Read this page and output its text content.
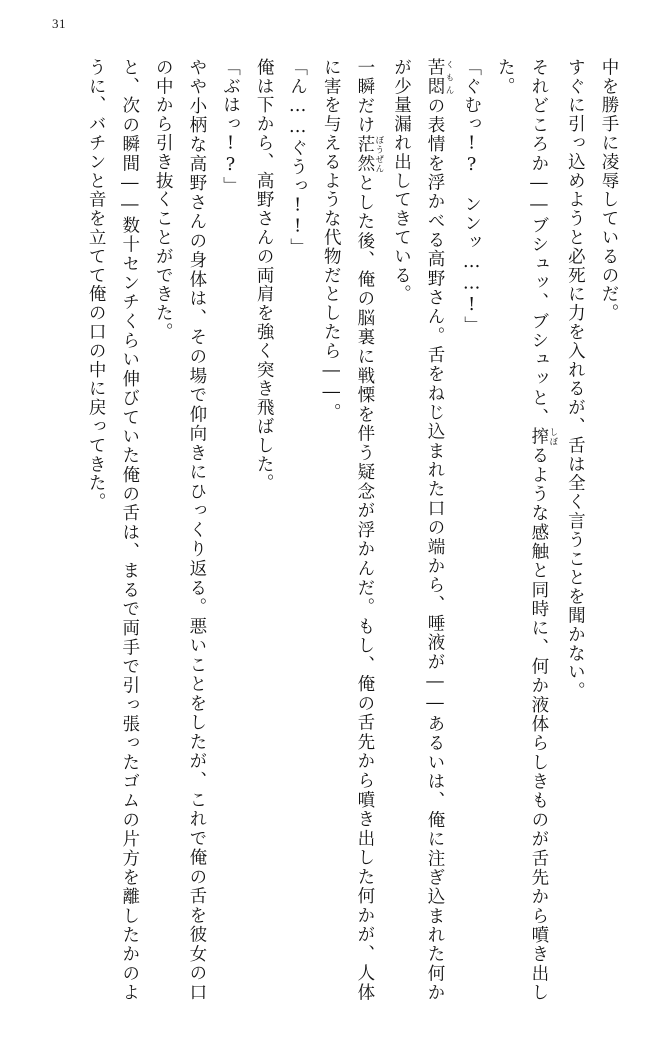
31

中を勝手に凌辱しているのだ。

すぐに引っ込めようと必死に力を入れるが、舌は全く言うことを聞かない。

それどころか――ブシュッ、ブシュッと、搾 しぼるような感触と同時に、何か液体らしきものが舌先から噴き出した。

「ぐむっ!?　ンンッ……!」

苦悶 くもんの表情を浮かべる高野さん。舌をねじ込まれた口の端から、唾液が――あるいは、俺に注ぎ込まれた何かが少量漏れ出してきている。

一瞬だけ茫然 ぼうぜんとした後、俺の脳裏に戦慄を伴う疑念が浮かんだ。もし、俺の舌先から噴き出した何かが、人体に害を与えるような代物だとしたら――。

「ん……ぐうっ!!」

俺は下から、高野さんの両肩を強く突き飛ばした。

「ぶはっ!?」

やや小柄な高野さんの身体は、その場で仰向きにひっくり返る。悪いことをしたが、これで俺の舌を彼女の口の中から引き抜くことができた。

と、次の瞬間――数十センチくらい伸びていた俺の舌は、まるで両手で引っ張ったゴムの片方を離したかのように、バチンと音を立てて俺の口の中に戻ってきた。
